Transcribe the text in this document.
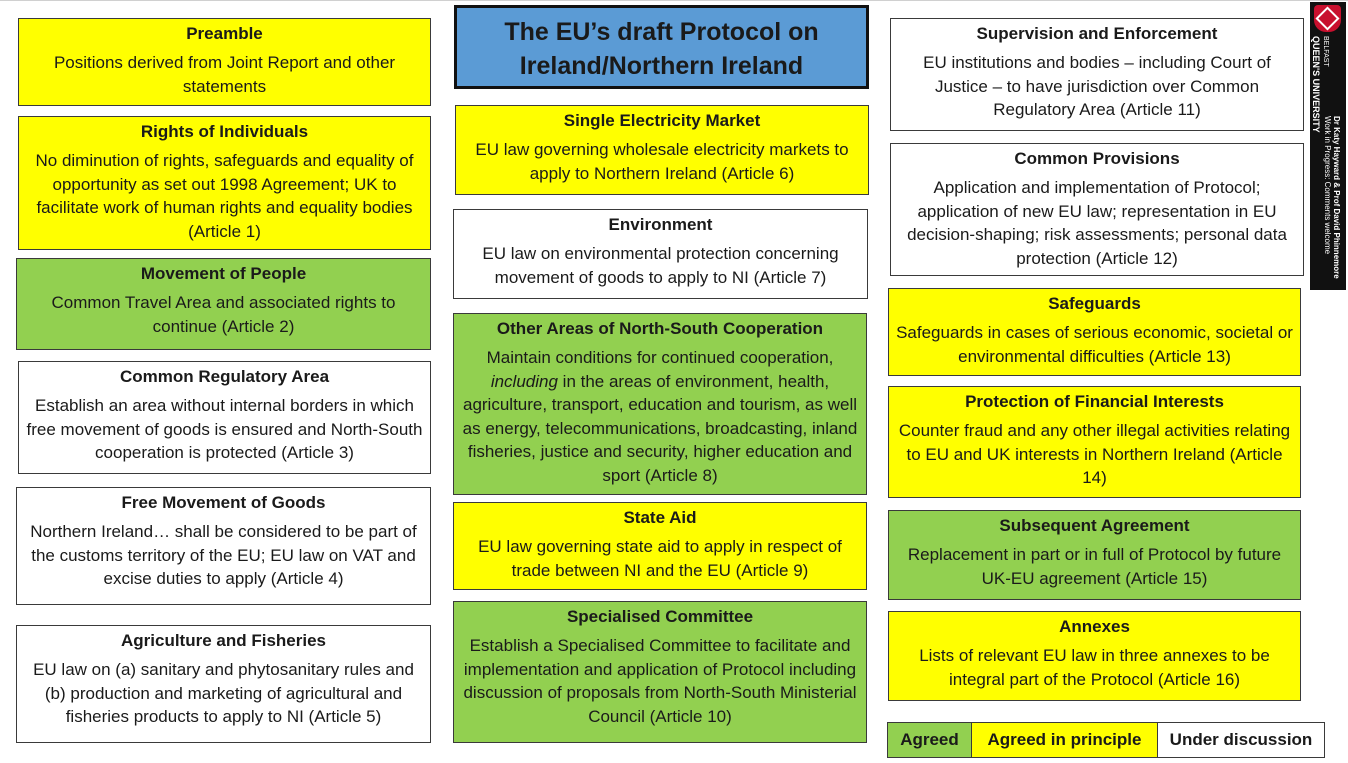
The EU’s draft Protocol on
Ireland/Northern Ireland
Preamble
Positions derived from Joint Report and other statements
Rights of Individuals
No diminution of rights, safeguards and equality of opportunity as set out 1998 Agreement; UK to facilitate work of human rights and equality bodies (Article 1)
Movement of People
Common Travel Area and associated rights to continue (Article 2)
Common Regulatory Area
Establish an area without internal borders in which free movement of goods is ensured and North-South cooperation is protected (Article 3)
Free Movement of Goods
Northern Ireland… shall be considered to be part of the customs territory of the EU; EU law on VAT and excise duties to apply (Article 4)
Agriculture and Fisheries
EU law on (a) sanitary and phytosanitary rules and (b) production and marketing of agricultural and fisheries products to apply to NI (Article 5)
Single Electricity Market
EU law governing wholesale electricity markets to apply to Northern Ireland (Article 6)
Environment
EU law on environmental protection concerning movement of goods to apply to NI (Article 7)
Other Areas of North-South Cooperation
Maintain conditions for continued cooperation, including in the areas of environment, health, agriculture, transport, education and tourism, as well as energy, telecommunications, broadcasting, inland fisheries, justice and security, higher education and sport (Article 8)
State Aid
EU law governing state aid to apply in respect of trade between NI and the EU (Article 9)
Specialised Committee
Establish a Specialised Committee to facilitate and implementation and application of Protocol including discussion of proposals from North-South Ministerial Council (Article 10)
Supervision and Enforcement
EU institutions and bodies – including Court of Justice – to have jurisdiction over Common Regulatory Area (Article 11)
Common Provisions
Application and implementation of Protocol; application of new EU law; representation in EU decision-shaping; risk assessments; personal data protection (Article 12)
Safeguards
Safeguards in cases of serious economic, societal or environmental difficulties (Article 13)
Protection of Financial Interests
Counter fraud and any other illegal activities relating to EU and UK interests in Northern Ireland (Article 14)
Subsequent Agreement
Replacement in part or in full of Protocol by future UK-EU agreement (Article 15)
Annexes
Lists of relevant EU law in three annexes to be integral part of the Protocol (Article 16)
Agreed	Agreed in principle	Under discussion
QUEEN'S UNIVERSITY BELFAST
Dr Katy Hayward & Prof David Phinnemore
Work in Progress: Comments welcome
